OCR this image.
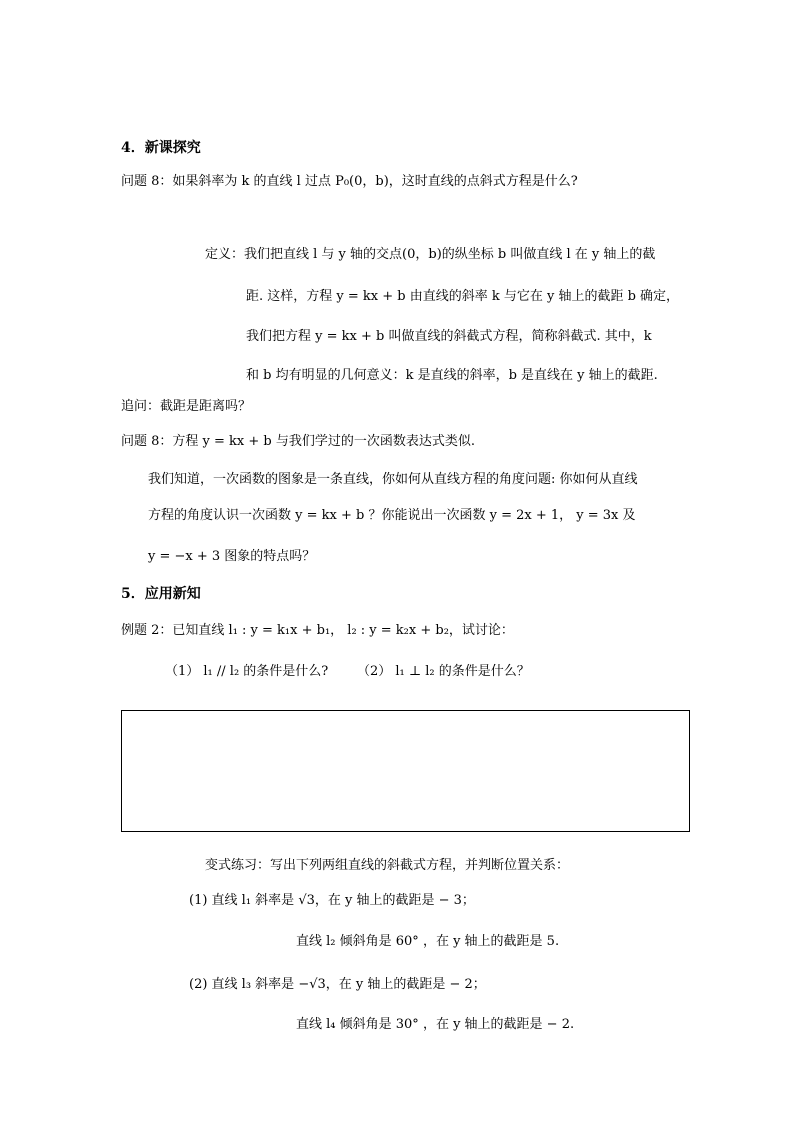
4．新课探究
问题 8：如果斜率为 k 的直线 l 过点 P₀(0，b)，这时直线的点斜式方程是什么?
定义：我们把直线 l 与 y 轴的交点(0，b)的纵坐标 b 叫做直线 l 在 y 轴上的截
距. 这样，方程 y = kx + b 由直线的斜率 k 与它在 y 轴上的截距 b 确定，
我们把方程 y = kx + b 叫做直线的斜截式方程，简称斜截式. 其中，k
和 b 均有明显的几何意义：k 是直线的斜率，b 是直线在 y 轴上的截距.
追问：截距是距离吗？
问题 8：方程 y = kx + b 与我们学过的一次函数表达式类似.
我们知道，一次函数的图象是一条直线，你如何从直线方程的角度问题: 你如何从直线
方程的角度认识一次函数 y = kx + b ？你能说出一次函数 y = 2x + 1， y = 3x 及
y = −x + 3 图象的特点吗？
5．应用新知
例题 2：已知直线 l₁ : y = k₁x + b₁， l₂ : y = k₂x + b₂，试讨论：
（1） l₁ // l₂ 的条件是什么? （2） l₁ ⊥ l₂ 的条件是什么？
变式练习：写出下列两组直线的斜截式方程，并判断位置关系：
(1) 直线 l₁ 斜率是 √3，在 y 轴上的截距是 − 3；
直线 l₂ 倾斜角是 60° ，在 y 轴上的截距是 5.
(2) 直线 l₃ 斜率是 −√3，在 y 轴上的截距是 − 2；
直线 l₄ 倾斜角是 30° ，在 y 轴上的截距是 − 2.
